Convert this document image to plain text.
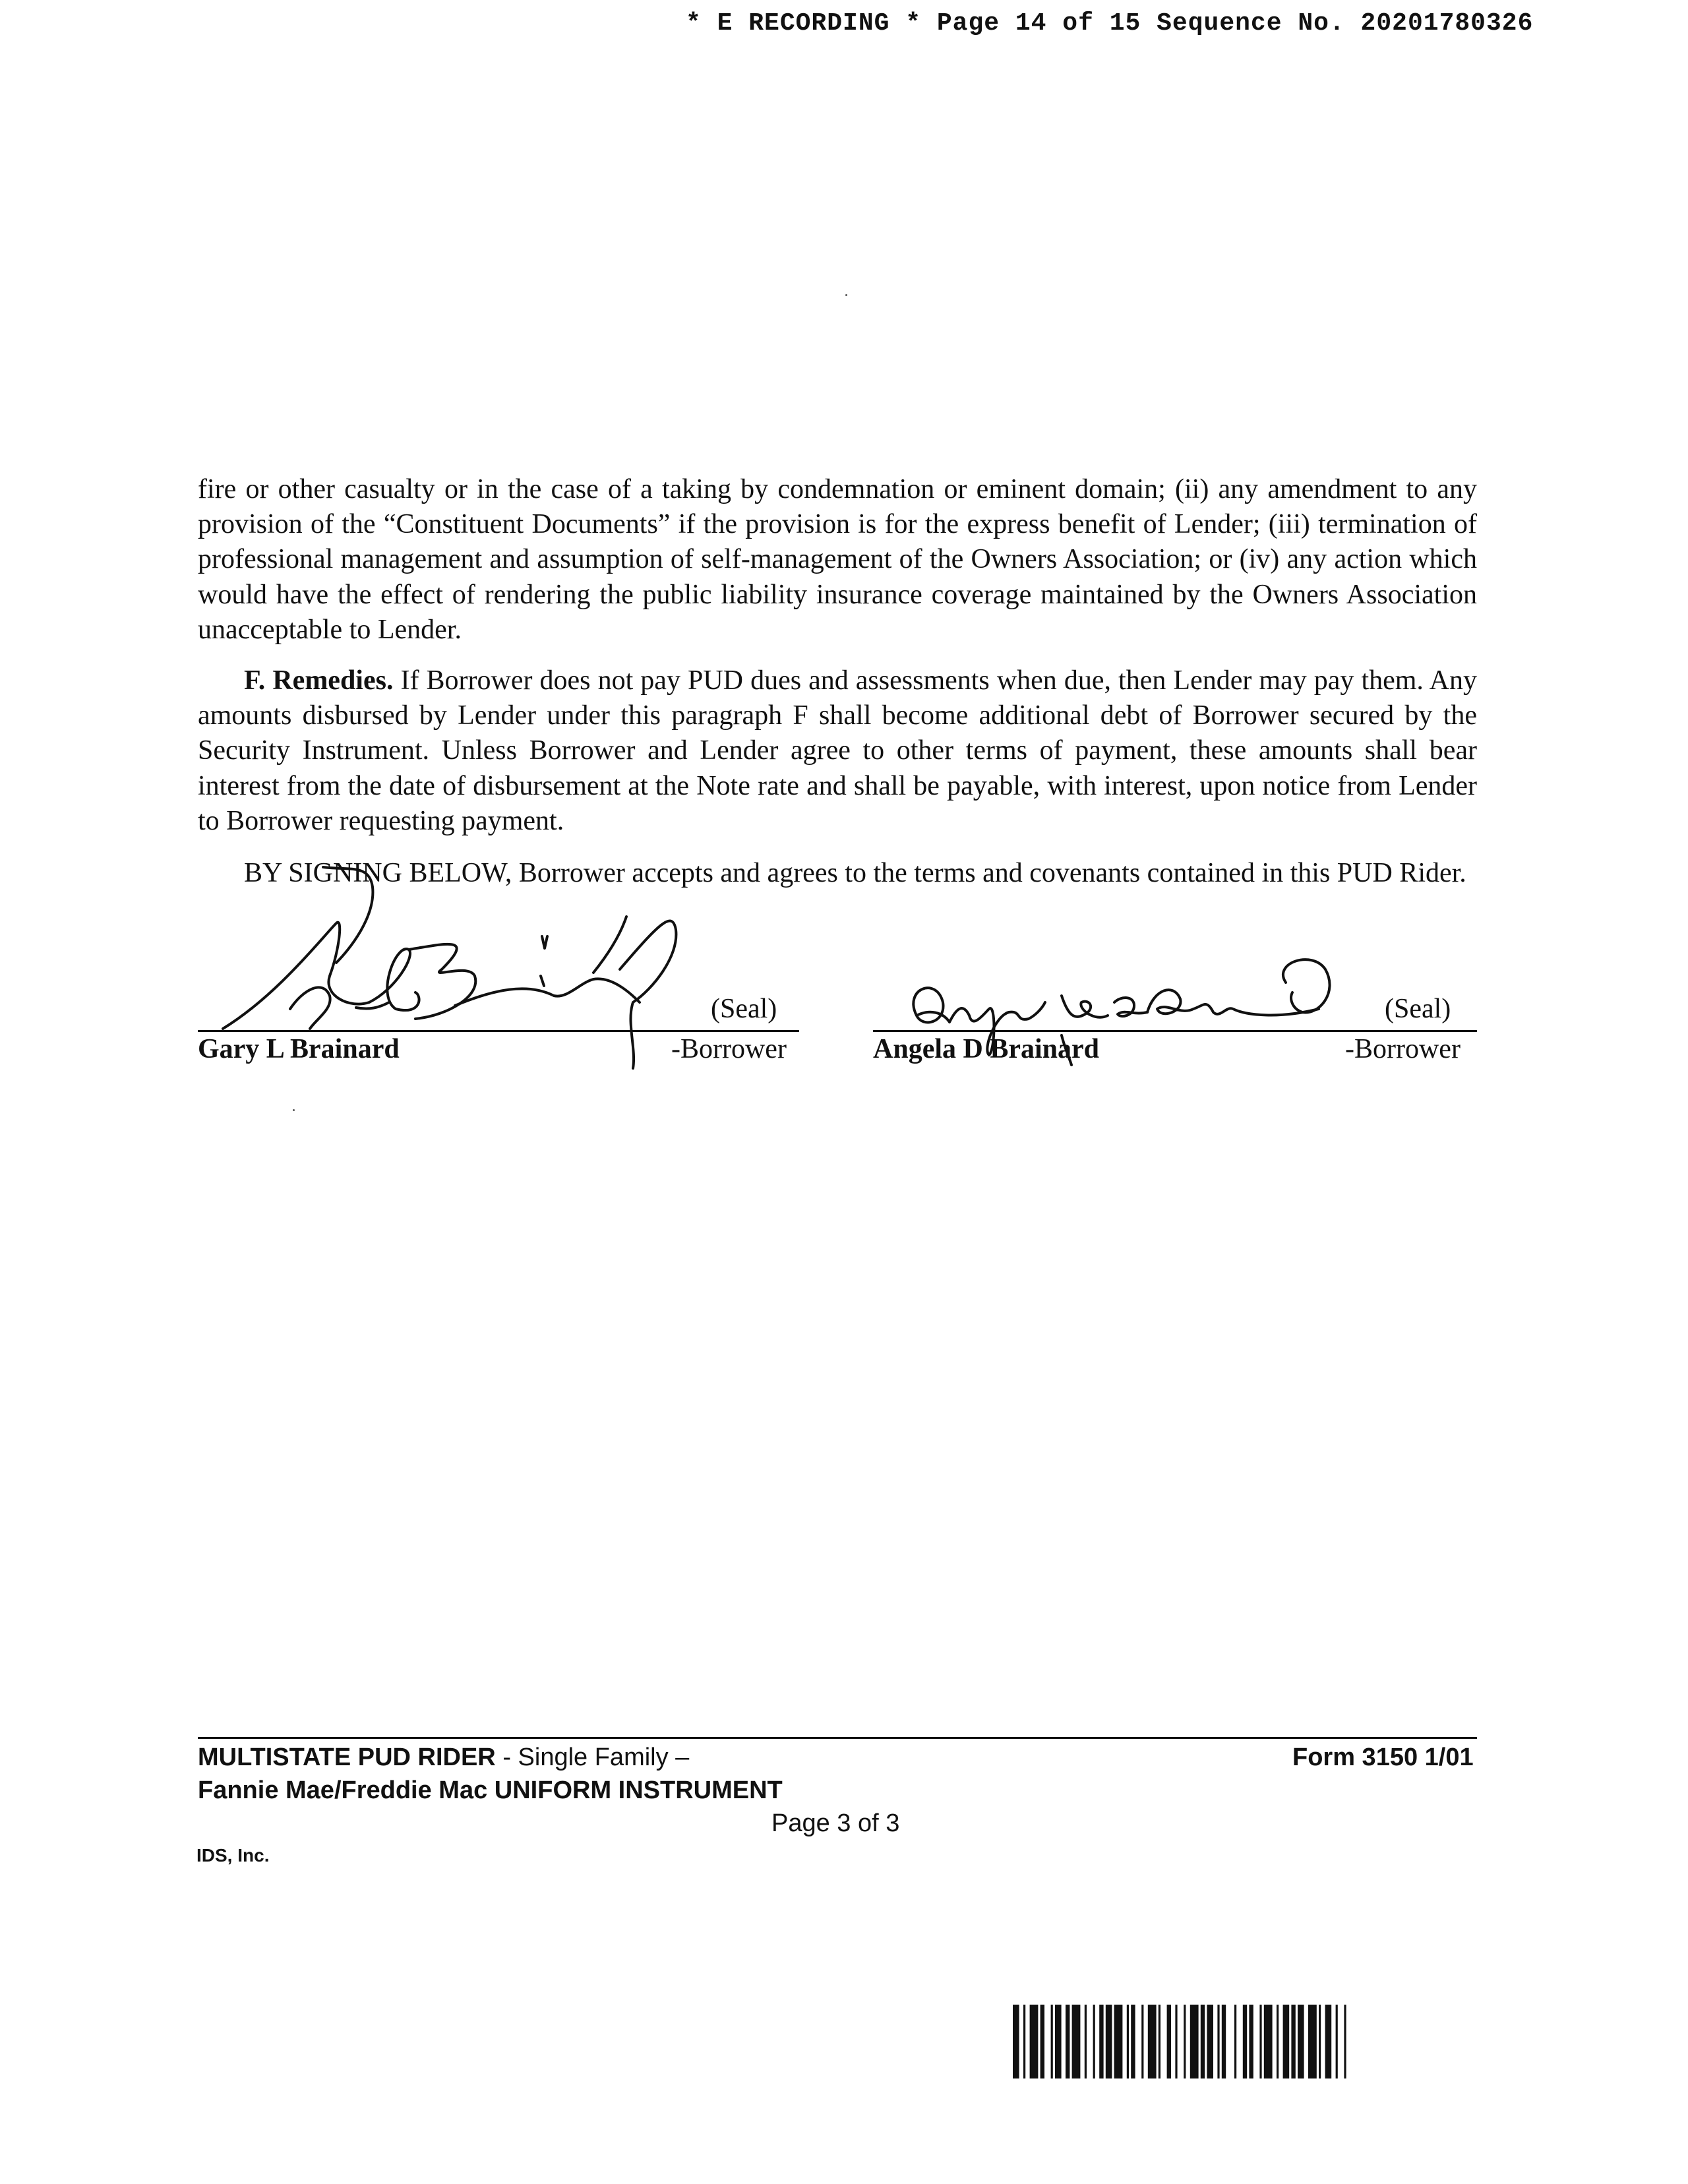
* E RECORDING * Page 14 of 15 Sequence No. 20201780326

fire or other casualty or in the case of a taking by condemnation or eminent domain; (ii) any amendment to any provision of the “Constituent Documents” if the provision is for the express benefit of Lender; (iii) termination of professional management and assumption of self-management of the Owners Association; or (iv) any action which would have the effect of rendering the public liability insurance coverage maintained by the Owners Association unacceptable to Lender.

F. Remedies. If Borrower does not pay PUD dues and assessments when due, then Lender may pay them. Any amounts disbursed by Lender under this paragraph F shall become additional debt of Borrower secured by the Security Instrument. Unless Borrower and Lender agree to other terms of payment, these amounts shall bear interest from the date of disbursement at the Note rate and shall be payable, with interest, upon notice from Lender to Borrower requesting payment.

BY SIGNING BELOW, Borrower accepts and agrees to the terms and covenants contained in this PUD Rider.

(Seal)
Gary L Brainard	-Borrower
(Seal)
Angela D Brainard	-Borrower
MULTISTATE PUD RIDER - Single Family –	Form 3150 1/01
Fannie Mae/Freddie Mac UNIFORM INSTRUMENT
Page 3 of 3
IDS, Inc.
